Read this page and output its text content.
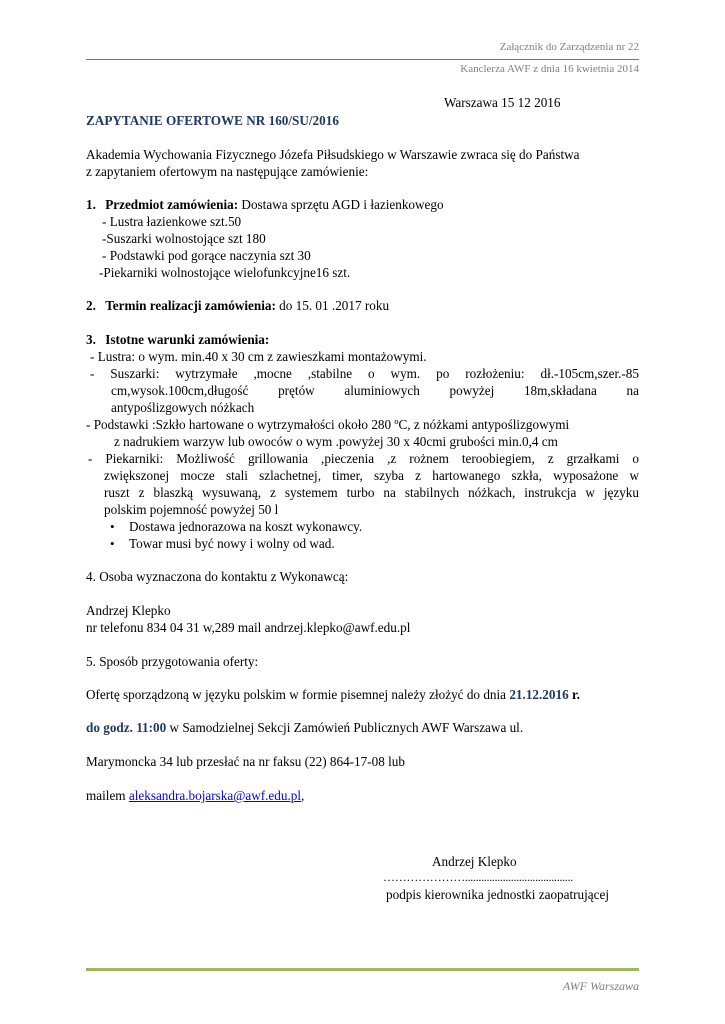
Załącznik do Zarządzenia nr 22
Kanclerza AWF z dnia 16 kwietnia 2014
Warszawa 15 12 2016
ZAPYTANIE OFERTOWE NR 160/SU/2016
Akademia Wychowania Fizycznego Józefa Piłsudskiego w Warszawie zwraca się do Państwa
z zapytaniem ofertowym na następujące zamówienie:
1. Przedmiot zamówienia: Dostawa sprzętu AGD i łazienkowego
- Lustra łazienkowe szt.50
-Suszarki wolnostojące szt 180
- Podstawki pod gorące naczynia szt 30
-Piekarniki wolnostojące wielofunkcyjne16 szt.
2. Termin realizacji zamówienia: do 15. 01 .2017 roku
3. Istotne warunki zamówienia:
- Lustra: o wym. min.40 x 30 cm z zawieszkami montażowymi.
- Suszarki: wytrzymałe ,mocne ,stabilne o wym. po rozłożeniu: dł.-105cm,szer.-85
cm,wysok.100cm,długość prętów aluminiowych powyżej 18m,składana na
antypoślizgowych nóżkach
- Podstawki :Szkło hartowane o wytrzymałości około 280 ºC, z nóżkami antypoślizgowymi
z nadrukiem warzyw lub owoców o wym .powyżej 30 x 40cmi grubości min.0,4 cm
- Piekarniki: Możliwość grillowania ,pieczenia ,z rożnem teroobiegiem, z grzałkami o
zwiększonej mocze stali szlachetnej, timer, szyba z hartowanego szkła, wyposażone w
ruszt z blaszką wysuwaną, z systemem turbo na stabilnych nóżkach, instrukcja w języku
polskim pojemność powyżej 50 l
• Dostawa jednorazowa na koszt wykonawcy.
• Towar musi być nowy i wolny od wad.
4. Osoba wyznaczona do kontaktu z Wykonawcą:
Andrzej Klepko
nr telefonu 834 04 31 w,289 mail andrzej.klepko@awf.edu.pl
5. Sposób przygotowania oferty:
Ofertę sporządzoną w języku polskim w formie pisemnej należy złożyć do dnia 21.12.2016 r.
do godz. 11:00 w Samodzielnej Sekcji Zamówień Publicznych AWF Warszawa ul.
Marymoncka 34 lub przesłać na nr faksu (22) 864-17-08 lub
mailem aleksandra.bojarska@awf.edu.pl,
Andrzej Klepko
…………………........................................
podpis kierownika jednostki zaopatrującej
AWF Warszawa
